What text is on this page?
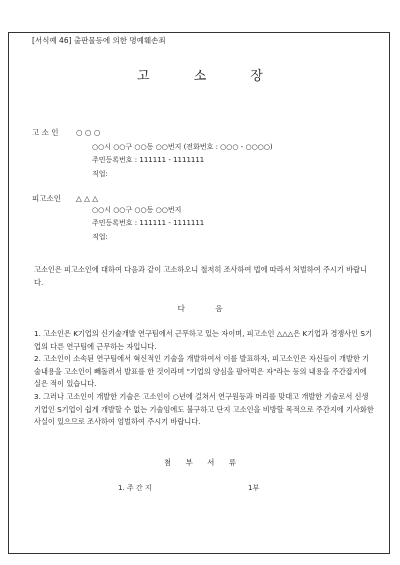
[서식예 46] 출판물등에 의한 명예훼손죄
고 소 장
고 소 인 ○ ○ ○
○○시 ○○구 ○○동 ○○번지 (전화번호 : ○○○ - ○○○○)
주민등록번호 : 111111 - 1111111
직업:
피고소인 △ △ △
○○시 ○○구 ○○동 ○○번지
주민등록번호 : 111111 - 1111111
직업:
고소인은 피고소인에 대하여 다음과 같이 고소하오니 철저히 조사하여 법에 따라서 처벌하여 주시기 바랍니다.
다 음
1. 고소인은 K기업의 신기술개발 연구팀에서 근무하고 있는 자이며, 피고소인 △△△은 K기업과 경쟁사인 S기업의 다른 연구팀에 근무하는 자입니다.
2. 고소인이 소속된 연구팀에서 혁신적인 기술을 개발하여서 이를 발표하자, 피고소인은 자신들이 개발한 기술내용을 고소인이 빼돌려서 발표를 한 것이라며 "기업의 양심을 팔아먹은 자"라는 등의 내용을 주간잡지에 실은 적이 있습니다.
3. 그러나 고소인이 개발한 기술은 고소인이 ○년에 걸쳐서 연구원등과 머리를 맞대고 개발한 기술로서 신생기업인 S기업이 쉽게 개발할 수 없는 기술임에도 불구하고 단지 고소인을 비방할 목적으로 주간지에 기사화한 사실이 있으므로 조사하여 엄벌하여 주시기 바랍니다.
첨 부 서 류
1. 주 간 지	1부
